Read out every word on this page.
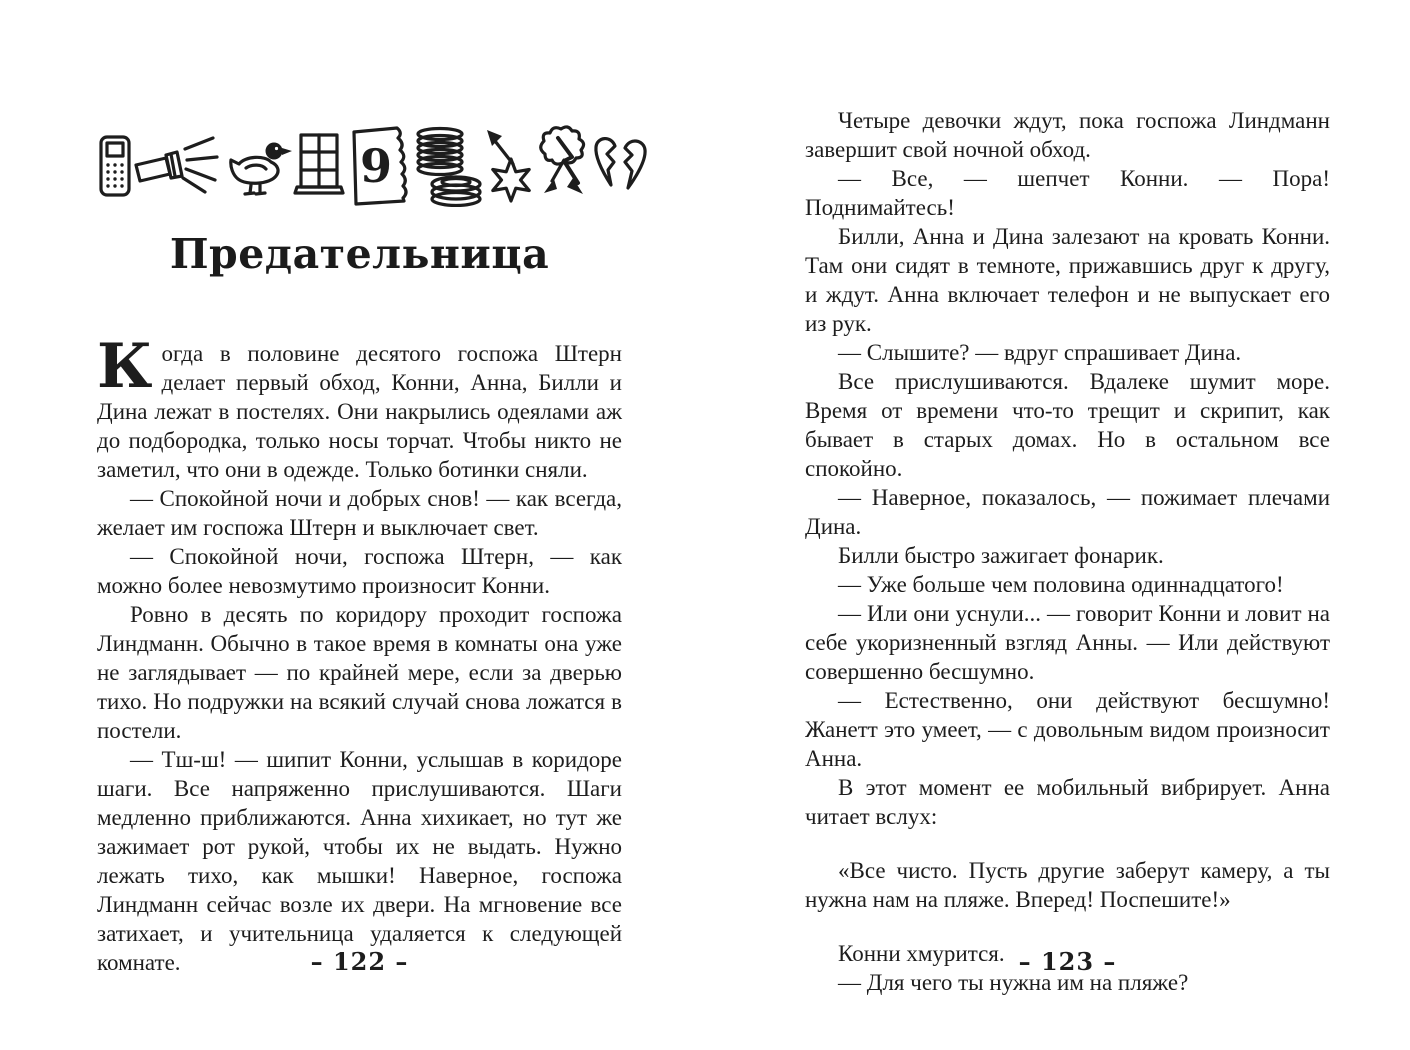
9
Предательница

Когда в половине десятого госпожа Штерн делает первый обход, Конни, Анна, Билли и Дина лежат в постелях. Они накрылись одеялами аж до подбородка, только носы торчат. Чтобы никто не заметил, что они в одежде. Только ботинки сняли.

— Спокойной ночи и добрых снов! — как всегда, желает им госпожа Штерн и выключает свет.

— Спокойной ночи, госпожа Штерн, — как можно более невозмутимо произносит Конни.

Ровно в десять по коридору проходит госпожа Линдманн. Обычно в такое время в комнаты она уже не заглядывает — по крайней мере, если за дверью тихо. Но подружки на всякий случай снова ложатся в постели.

— Тш-ш! — шипит Конни, услышав в коридоре шаги. Все напряженно прислушиваются. Шаги медленно приближаются. Анна хихикает, но тут же зажимает рот рукой, чтобы их не выдать. Нужно лежать тихо, как мышки! Наверное, госпожа Линдманн сейчас возле их двери. На мгновение все затихает, и учительница удаляется к следующей комнате.	– 122 –

Четыре девочки ждут, пока госпожа Линдманн завершит свой ночной обход.

— Все, — шепчет Конни. — Пора! Поднимайтесь!

Билли, Анна и Дина залезают на кровать Конни. Там они сидят в темноте, прижавшись друг к другу, и ждут. Анна включает телефон и не выпускает его из рук.

— Слышите? — вдруг спрашивает Дина.

Все прислушиваются. Вдалеке шумит море. Время от времени что-то трещит и скрипит, как бывает в старых домах. Но в остальном все спокойно.

— Наверное, показалось, — пожимает плечами Дина.

Билли быстро зажигает фонарик.

— Уже больше чем половина одиннадцатого!

— Или они уснули... — говорит Конни и ловит на себе укоризненный взгляд Анны. — Или действуют совершенно бесшумно.

— Естественно, они действуют бесшумно! Жанетт это умеет, — с довольным видом произносит Анна.

В этот момент ее мобильный вибрирует. Анна читает вслух:

«Все чисто. Пусть другие заберут камеру, а ты нужна нам на пляже. Вперед! Поспешите!»

Конни хмурится.

— Для чего ты нужна им на пляже?

– 123 –
